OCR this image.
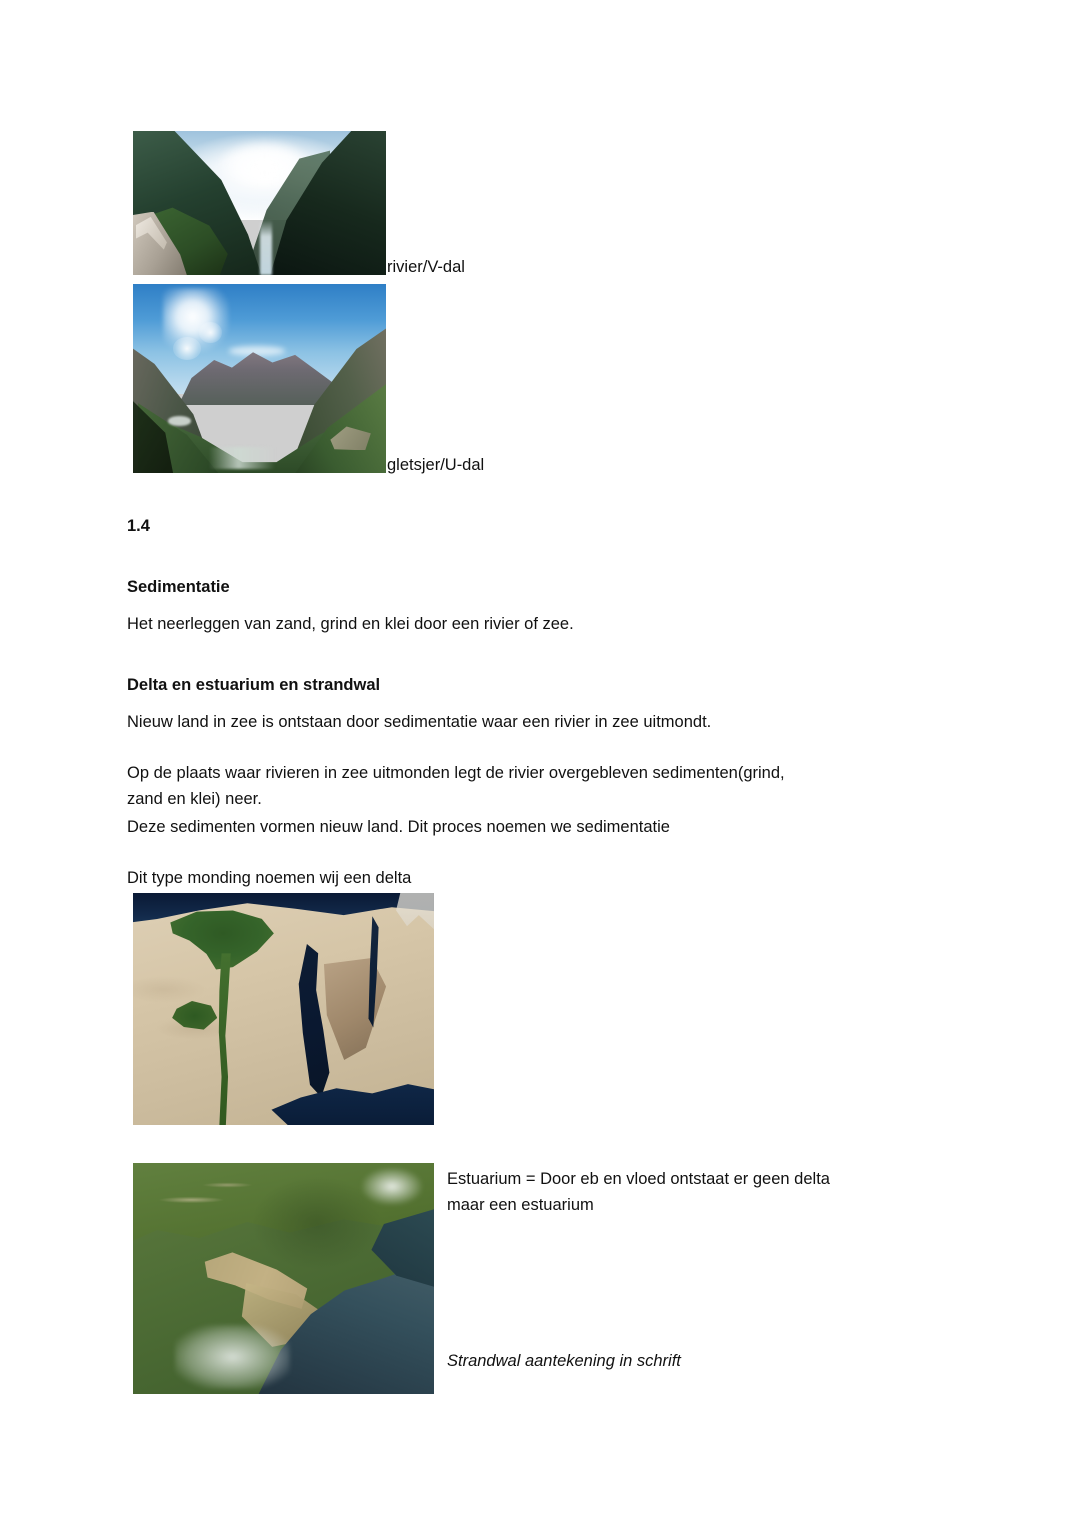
rivier/V-dal
gletsjer/U-dal
1.4
Sedimentatie
Het neerleggen van zand, grind en klei door een rivier of zee.
Delta en estuarium en strandwal
Nieuw land in zee is ontstaan door sedimentatie waar een rivier in zee uitmondt.
Op de plaats waar rivieren in zee uitmonden legt de rivier overgebleven sedimenten(grind,
zand en klei) neer.
Deze sedimenten vormen nieuw land. Dit proces noemen we sedimentatie
Dit type monding noemen wij een delta
Estuarium = Door eb en vloed ontstaat er geen delta
maar een estuarium
Strandwal aantekening in schrift
